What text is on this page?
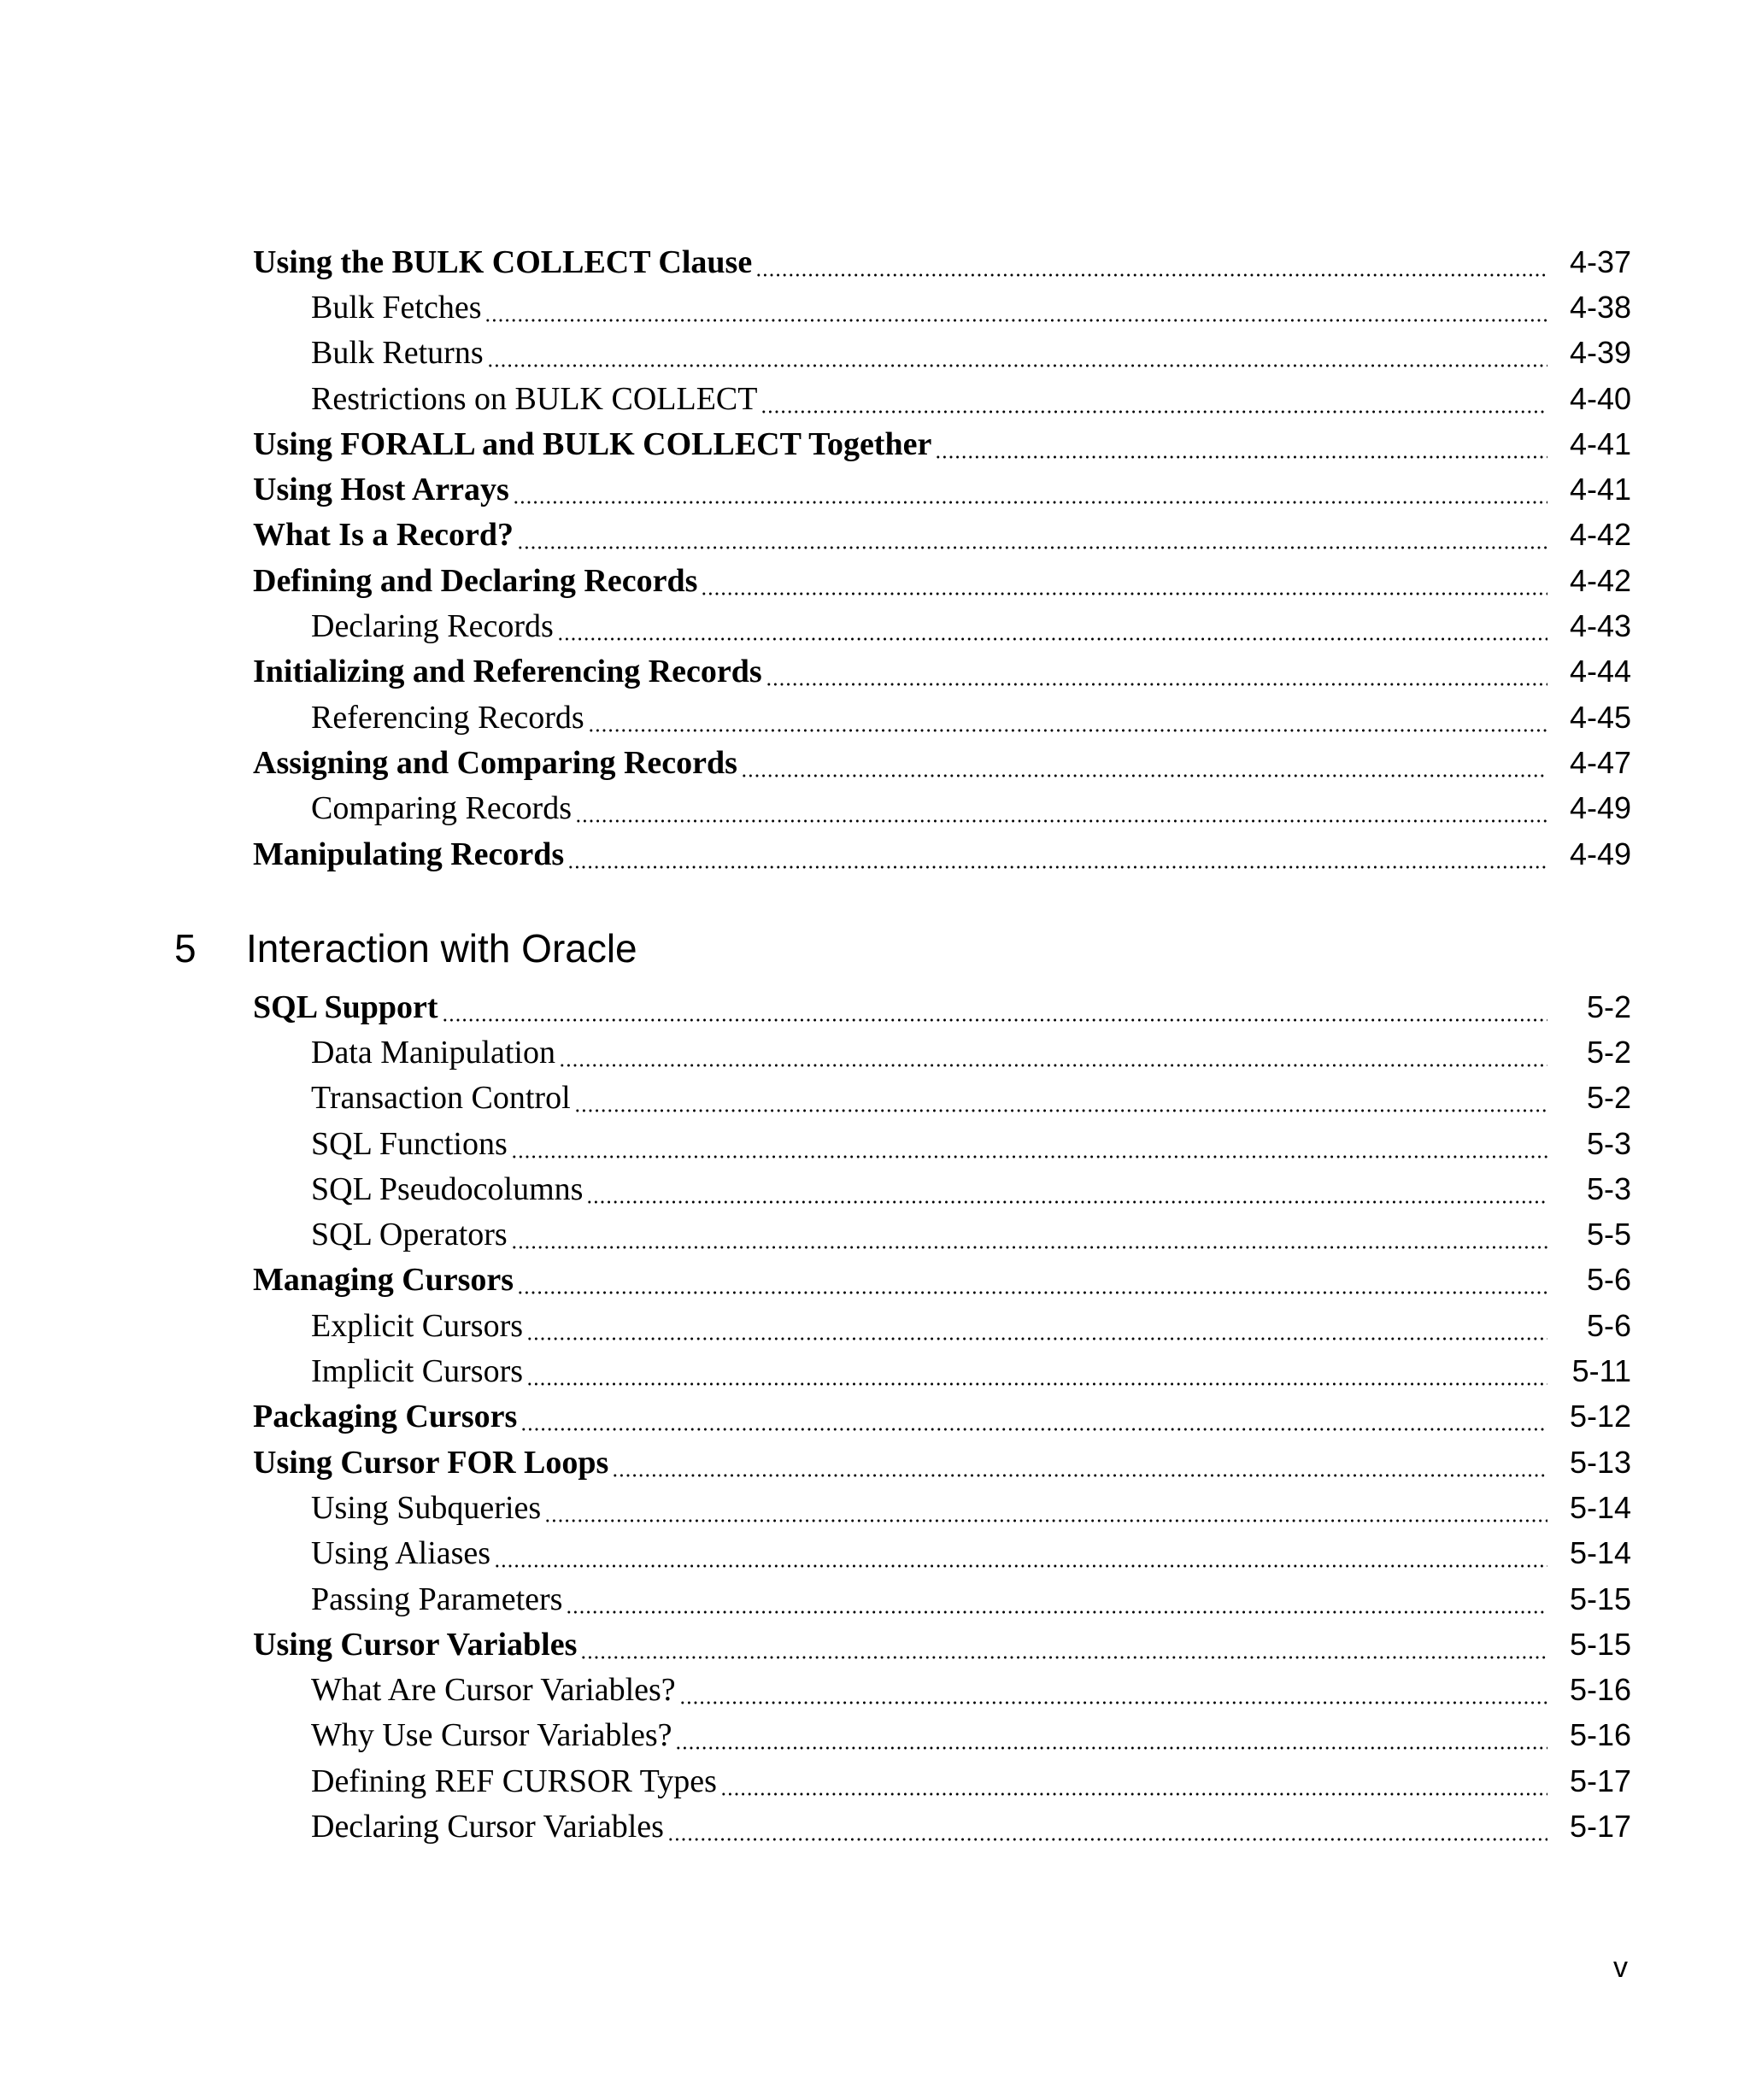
Using the BULK COLLECT Clause	4-37
Bulk Fetches	4-38
Bulk Returns	4-39
Restrictions on BULK COLLECT	4-40
Using FORALL and BULK COLLECT Together	4-41
Using Host Arrays	4-41
What Is a Record?	4-42
Defining and Declaring Records	4-42
Declaring Records	4-43
Initializing and Referencing Records	4-44
Referencing Records	4-45
Assigning and Comparing Records	4-47
Comparing Records	4-49
Manipulating Records	4-49
5	Interaction with Oracle
SQL Support	5-2
Data Manipulation	5-2
Transaction Control	5-2
SQL Functions	5-3
SQL Pseudocolumns	5-3
SQL Operators	5-5
Managing Cursors	5-6
Explicit Cursors	5-6
Implicit Cursors	5-11
Packaging Cursors	5-12
Using Cursor FOR Loops	5-13
Using Subqueries	5-14
Using Aliases	5-14
Passing Parameters	5-15
Using Cursor Variables	5-15
What Are Cursor Variables?	5-16
Why Use Cursor Variables?	5-16
Defining REF CURSOR Types	5-17
Declaring Cursor Variables	5-17
v
